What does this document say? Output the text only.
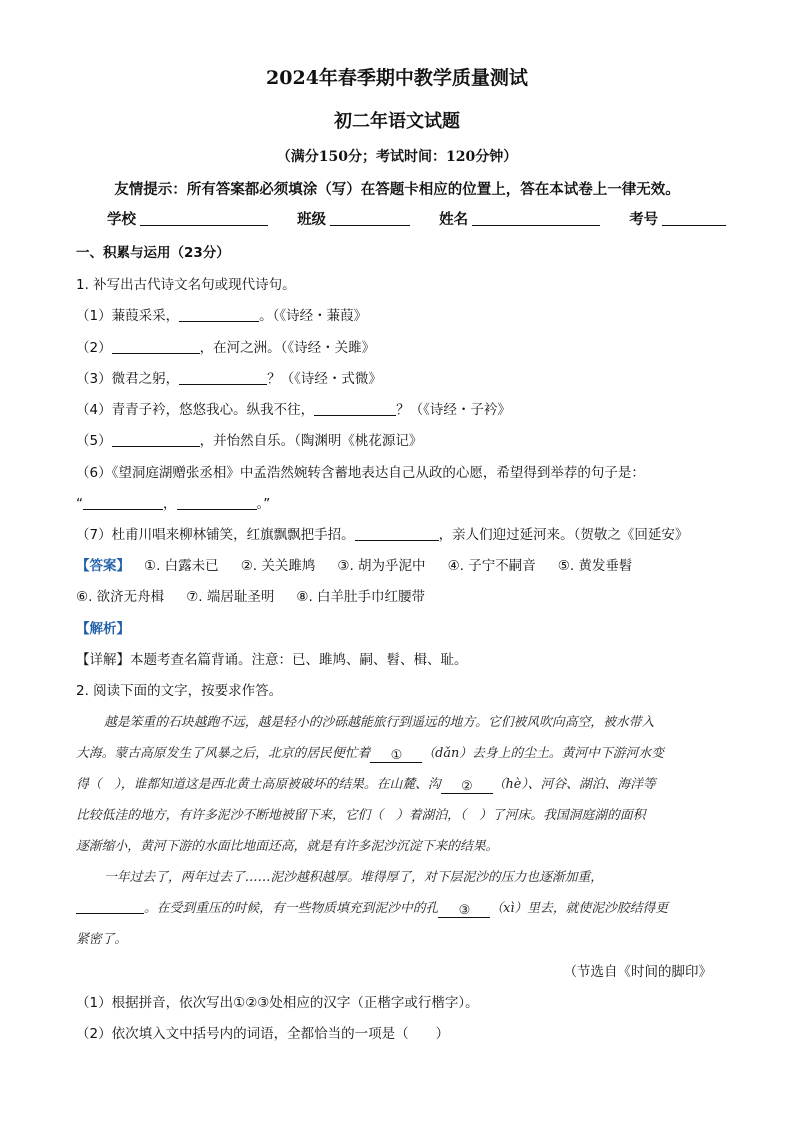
2024年春季期中教学质量测试
初二年语文试题
（满分150分；考试时间：120分钟）
友情提示：所有答案都必须填涂（写）在答题卡相应的位置上，答在本试卷上一律无效。
学校	班级	姓名	考号
一、积累与运用（23分）
1. 补写出古代诗文名句或现代诗句。
（1）蒹葭采采，	。（《诗经・蒹葭》
（2）	，在河之洲。（《诗经・关雎》
（3）微君之躬，	？（《诗经・式微》
（4）青青子衿，悠悠我心。纵我不往，	？（《诗经・子衿》
（5）	，并怡然自乐。（陶渊明《桃花源记》
（6）《望洞庭湖赠张丞相》中孟浩然婉转含蓄地表达自己从政的心愿，希望得到举荐的句子是：
“	，	。”
（7）杜甫川唱来柳林铺笑，红旗飘飘把手招。	，亲人们迎过延河来。（贺敬之《回延安》
【答案】 ①. 白露未已 ②. 关关雎鸠 ③. 胡为乎泥中 ④. 子宁不嗣音 ⑤. 黄发垂髫
⑥. 欲济无舟楫 ⑦. 端居耻圣明 ⑧. 白羊肚手巾红腰带
【解析】
【详解】本题考查名篇背诵。注意：已、雎鸠、嗣、髫、楫、耻。
2. 阅读下面的文字，按要求作答。
越是笨重的石块越跑不远，越是轻小的沙砾越能旅行到遥远的地方。它们被风吹向高空，被水带入
大海。蒙古高原发生了风暴之后，北京的居民便忙着 ① （dǎn）去身上的尘土。黄河中下游河水变
得（　），谁都知道这是西北黄土高原被破坏的结果。在山麓、沟 ② （hè）、河谷、湖泊、海洋等
比较低洼的地方，有许多泥沙不断地被留下来，它们（　）着湖泊，（　）了河床。我国洞庭湖的面积
逐渐缩小，黄河下游的水面比地面还高，就是有许多泥沙沉淀下来的结果。
一年过去了，两年过去了……泥沙越积越厚。堆得厚了，对下层泥沙的压力也逐渐加重，
。在受到重压的时候，有一些物质填充到泥沙中的孔 ③ （xì）里去，就使泥沙胶结得更
紧密了。
（节选自《时间的脚印》
（1）根据拼音，依次写出①②③处相应的汉字（正楷字或行楷字）。
（2）依次填入文中括号内的词语，全都恰当的一项是（　　）
